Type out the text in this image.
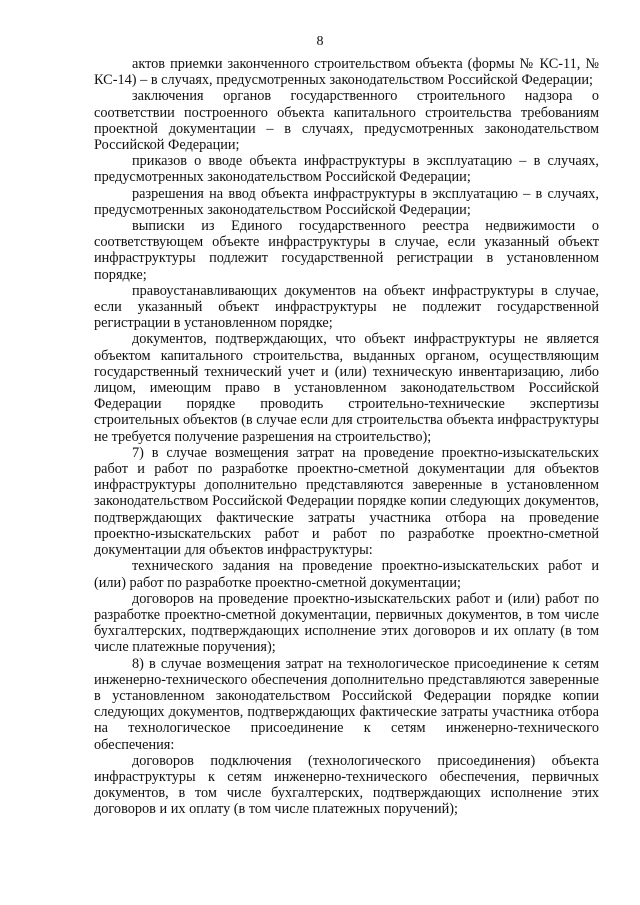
8

актов приемки законченного строительством объекта (формы № КС-11, № КС-14) – в случаях, предусмотренных законодательством Российской Федерации;

заключения органов государственного строительного надзора о соответствии построенного объекта капитального строительства требованиям проектной документации – в случаях, предусмотренных законодательством Российской Федерации;

приказов о вводе объекта инфраструктуры в эксплуатацию – в случаях, предусмотренных законодательством Российской Федерации;

разрешения на ввод объекта инфраструктуры в эксплуатацию – в случаях, предусмотренных законодательством Российской Федерации;

выписки из Единого государственного реестра недвижимости о соответствующем объекте инфраструктуры в случае, если указанный объект инфраструктуры подлежит государственной регистрации в установленном порядке;

правоустанавливающих документов на объект инфраструктуры в случае, если указанный объект инфраструктуры не подлежит государственной регистрации в установленном порядке;

документов, подтверждающих, что объект инфраструктуры не является объектом капитального строительства, выданных органом, осуществляющим государственный технический учет и (или) техническую инвентаризацию, либо лицом, имеющим право в установленном законодательством Российской Федерации порядке проводить строительно-технические экспертизы строительных объектов (в случае если для строительства объекта инфраструктуры не требуется получение разрешения на строительство);

7) в случае возмещения затрат на проведение проектно-изыскательских работ и работ по разработке проектно-сметной документации для объектов инфраструктуры дополнительно представляются заверенные в установленном законодательством Российской Федерации порядке копии следующих документов, подтверждающих фактические затраты участника отбора на проведение проектно-изыскательских работ и работ по разработке проектно-сметной документации для объектов инфраструктуры:

технического задания на проведение проектно-изыскательских работ и (или) работ по разработке проектно-сметной документации;

договоров на проведение проектно-изыскательских работ и (или) работ по разработке проектно-сметной документации, первичных документов, в том числе бухгалтерских, подтверждающих исполнение этих договоров и их оплату (в том числе платежные поручения);

8) в случае возмещения затрат на технологическое присоединение к сетям инженерно-технического обеспечения дополнительно представляются заверенные в установленном законодательством Российской Федерации порядке копии следующих документов, подтверждающих фактические затраты участника отбора на технологическое присоединение к сетям инженерно-технического обеспечения:

договоров подключения (технологического присоединения) объекта инфраструктуры к сетям инженерно-технического обеспечения, первичных документов, в том числе бухгалтерских, подтверждающих исполнение этих договоров и их оплату (в том числе платежных поручений);
